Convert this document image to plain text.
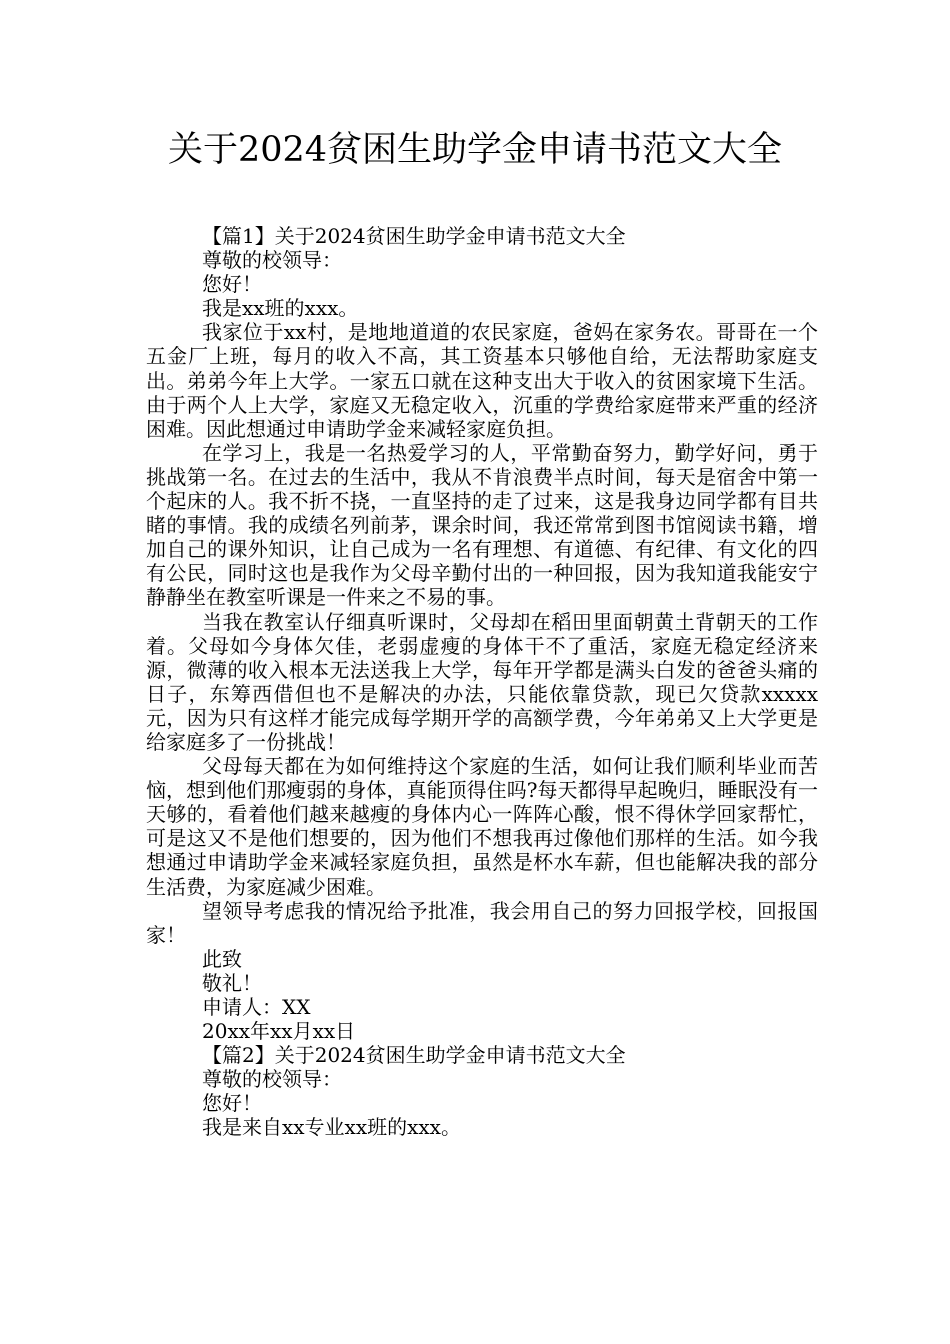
关于2024贫困生助学金申请书范文大全

【篇1】关于2024贫困生助学金申请书范文大全

尊敬的校领导：

您好！

我是xx班的xxx。

我家位于xx村，是地地道道的农民家庭，爸妈在家务农。哥哥在一个五金厂上班，每月的收入不高，其工资基本只够他自给，无法帮助家庭支出。弟弟今年上大学。一家五口就在这种支出大于收入的贫困家境下生活。由于两个人上大学，家庭又无稳定收入，沉重的学费给家庭带来严重的经济困难。因此想通过申请助学金来减轻家庭负担。

在学习上，我是一名热爱学习的人，平常勤奋努力，勤学好问，勇于挑战第一名。在过去的生活中，我从不肯浪费半点时间，每天是宿舍中第一个起床的人。我不折不挠，一直坚持的走了过来，这是我身边同学都有目共睹的事情。我的成绩名列前茅，课余时间，我还常常到图书馆阅读书籍，增加自己的课外知识，让自己成为一名有理想、有道德、有纪律、有文化的四有公民，同时这也是我作为父母辛勤付出的一种回报，因为我知道我能安宁静静坐在教室听课是一件来之不易的事。

当我在教室认仔细真听课时，父母却在稻田里面朝黄土背朝天的工作着。父母如今身体欠佳，老弱虚瘦的身体干不了重活，家庭无稳定经济来源，微薄的收入根本无法送我上大学，每年开学都是满头白发的爸爸头痛的日子，东筹西借但也不是解决的办法，只能依靠贷款，现已欠贷款xxxxx元，因为只有这样才能完成每学期开学的高额学费，今年弟弟又上大学更是给家庭多了一份挑战！

父母每天都在为如何维持这个家庭的生活，如何让我们顺利毕业而苦恼，想到他们那瘦弱的身体，真能顶得住吗?每天都得早起晚归，睡眠没有一天够的，看着他们越来越瘦的身体内心一阵阵心酸，恨不得休学回家帮忙，可是这又不是他们想要的，因为他们不想我再过像他们那样的生活。如今我想通过申请助学金来减轻家庭负担，虽然是杯水车薪，但也能解决我的部分生活费，为家庭减少困难。

望领导考虑我的情况给予批准，我会用自己的努力回报学校，回报国家！

此致

敬礼！

申请人：XX

20xx年xx月xx日

【篇2】关于2024贫困生助学金申请书范文大全

尊敬的校领导：

您好！

我是来自xx专业xx班的xxx。
